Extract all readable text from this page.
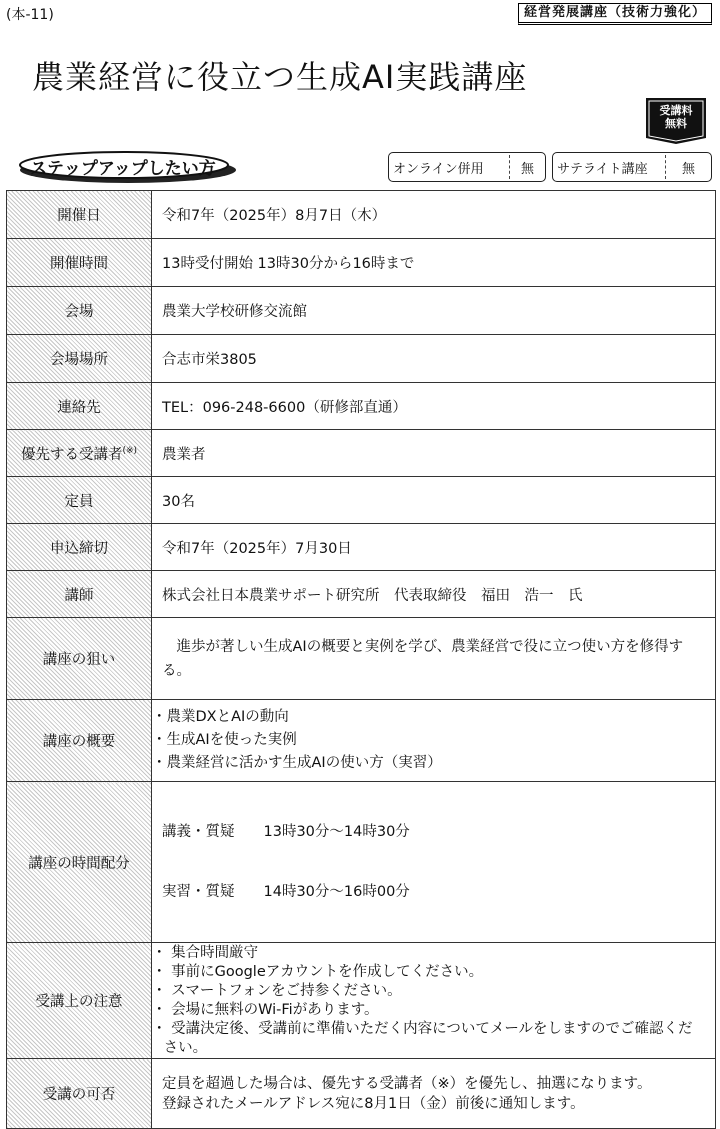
(本-11)	経営発展講座（技術力強化）
農業経営に役立つ生成AI実践講座
受講料
無料
ステップアップしたい方	オンライン併用	無	サテライト講座	無
開催日	令和7年（2025年）8月7日（木）
開催時間	13時受付開始 13時30分から16時まで
会場	農業大学校研修交流館
会場場所	合志市栄3805
連絡先	TEL：096-248-6600（研修部直通）
優先する受講者(※)	農業者
定員	30名
申込締切	令和7年（2025年）7月30日
講師	株式会社日本農業サポート研究所　代表取締役　福田　浩一　氏
講座の狙い	　進歩が著しい生成AIの概要と実例を学び、農業経営で役に立つ使い方を修得する。
講座の概要	・農業DXとAIの動向
・生成AIを使った実例
・農業経営に活かす生成AIの使い方（実習）

講座の時間配分	講義・質疑　　13時30分～14時30分

実習・質疑　　14時30分～16時00分

受講上の注意	・ 集合時間厳守
・ 事前にGoogleアカウントを作成してください。
・ スマートフォンをご持参ください。
・ 会場に無料のWi-Fiがあります。
・ 受講決定後、受講前に準備いただく内容についてメールをしますのでご確認ください。

受講の可否	定員を超過した場合は、優先する受講者（※）を優先し、抽選になります。
登録されたメールアドレス宛に8月1日（金）前後に通知します。
